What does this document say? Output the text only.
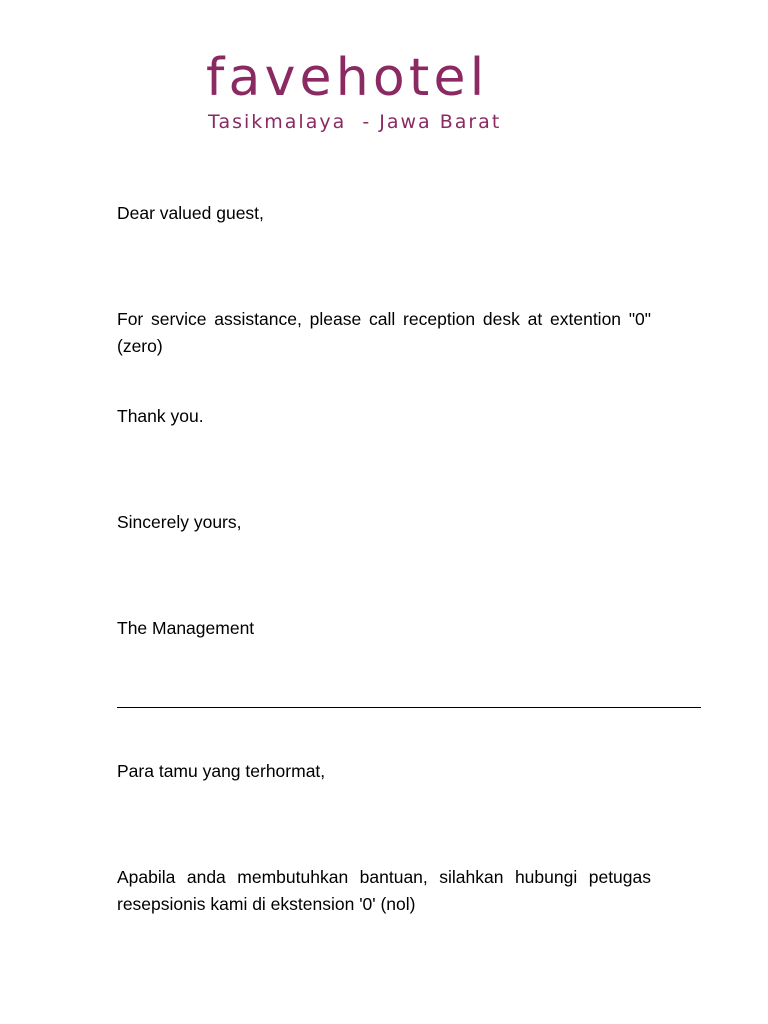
favehotel
Tasikmalaya  - Jawa Barat
Dear valued guest,
For service assistance, please call reception desk at extention "0" (zero)
Thank you.
Sincerely yours,
The Management
Para tamu yang terhormat,
Apabila anda membutuhkan bantuan, silahkan hubungi petugas resepsionis kami di ekstension '0' (nol)
